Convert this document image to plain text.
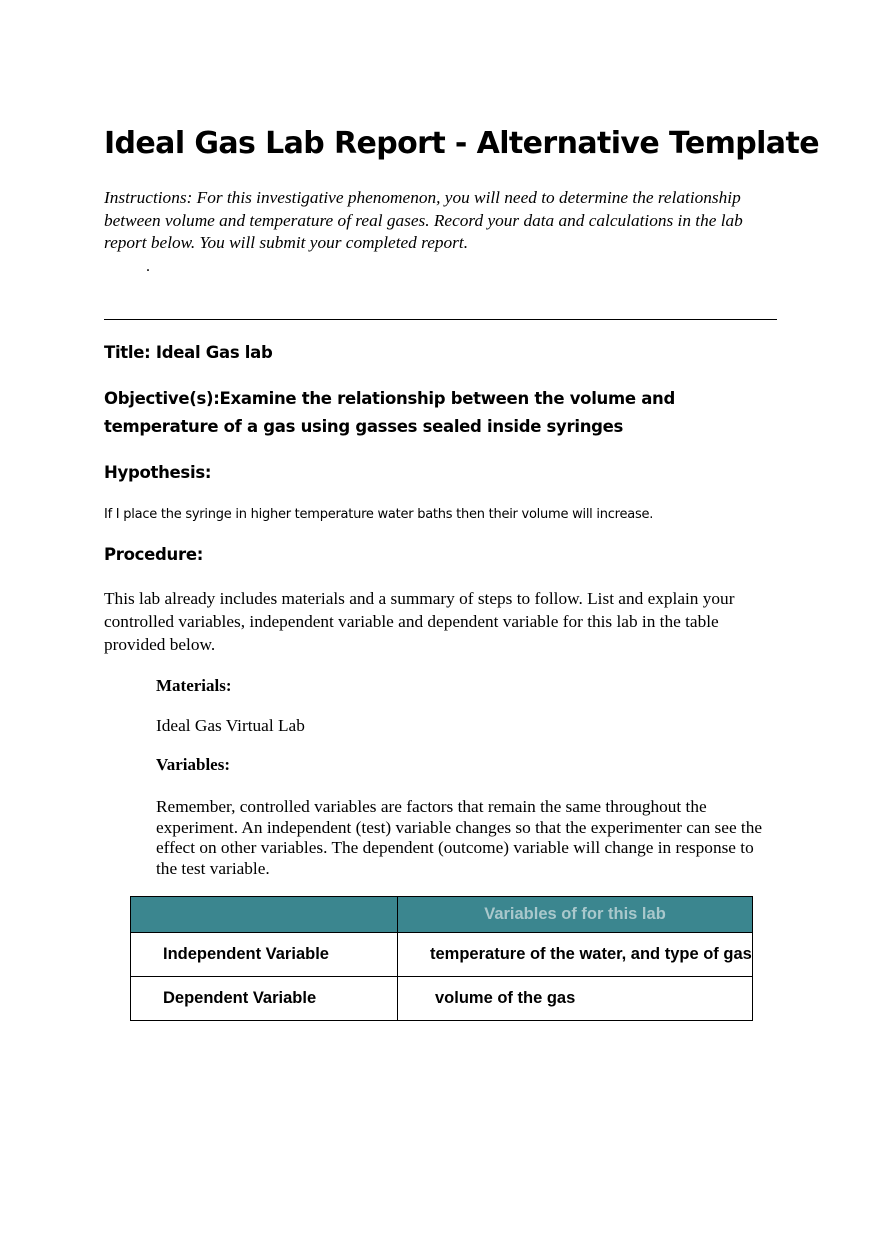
Ideal Gas Lab Report - Alternative Template

Instructions: For this investigative phenomenon, you will need to determine the relationship between volume and temperature of real gases. Record your data and calculations in the lab report below. You will submit your completed report.

.
Title: Ideal Gas lab
Objective(s):Examine the relationship between the volume and temperature of a gas using gasses sealed inside syringes
Hypothesis:

If I place the syringe in higher temperature water baths then their volume will increase.

Procedure:

This lab already includes materials and a summary of steps to follow. List and explain your controlled variables, independent variable and dependent variable for this lab in the table provided below.

Materials:

Ideal Gas Virtual Lab

Variables:

Remember, controlled variables are factors that remain the same throughout the experiment. An independent (test) variable changes so that the experimenter can see the effect on other variables. The dependent (outcome) variable will change in response to the test variable.

	Variables of for this lab
Independent Variable	temperature of the water, and type of gas
Dependent Variable	volume of the gas
